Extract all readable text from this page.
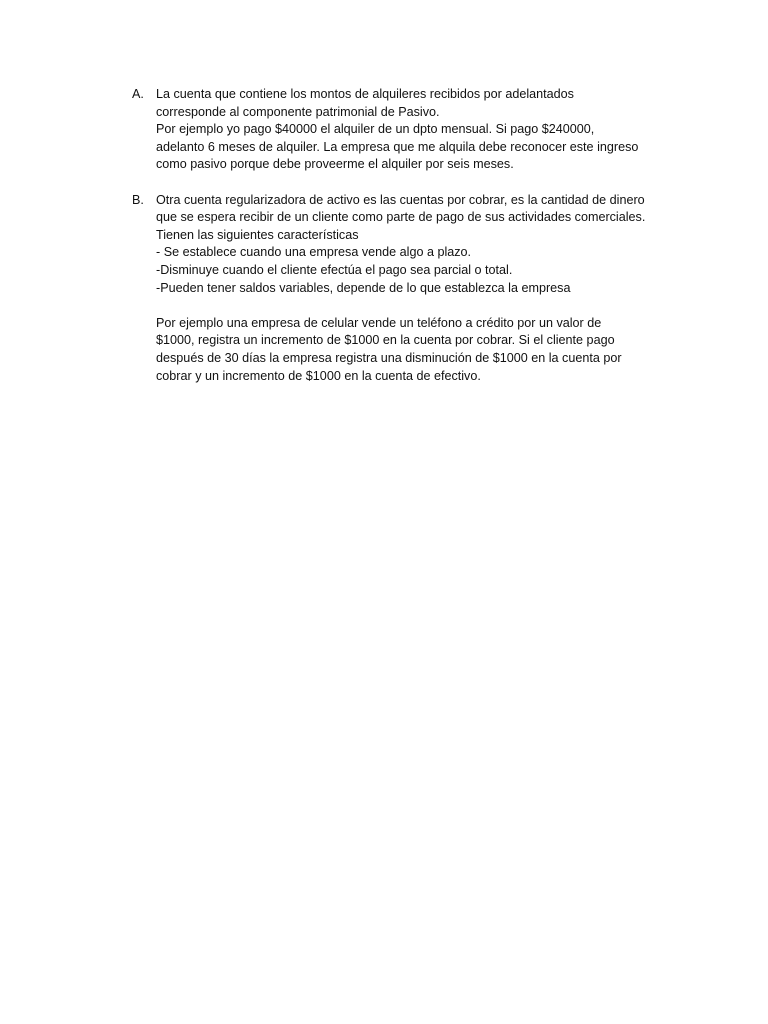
A. La cuenta que contiene los montos de alquileres recibidos por adelantados
corresponde al componente patrimonial de Pasivo.
Por ejemplo yo pago $40000 el alquiler de un dpto mensual. Si pago $240000,
adelanto 6 meses de alquiler. La empresa que me alquila debe reconocer este ingreso
como pasivo porque debe proveerme el alquiler por seis meses.
B. Otra cuenta regularizadora de activo es las cuentas por cobrar, es la cantidad de dinero
que se espera recibir de un cliente como parte de pago de sus actividades comerciales.
Tienen las siguientes características
- Se establece cuando una empresa vende algo a plazo.
-Disminuye cuando el cliente efectúa el pago sea parcial o total.
-Pueden tener saldos variables, depende de lo que establezca la empresa
Por ejemplo una empresa de celular vende un teléfono a crédito por un valor de
$1000, registra un incremento de $1000 en la cuenta por cobrar. Si el cliente pago
después de 30 días la empresa registra una disminución de $1000 en la cuenta por
cobrar y un incremento de $1000 en la cuenta de efectivo.
